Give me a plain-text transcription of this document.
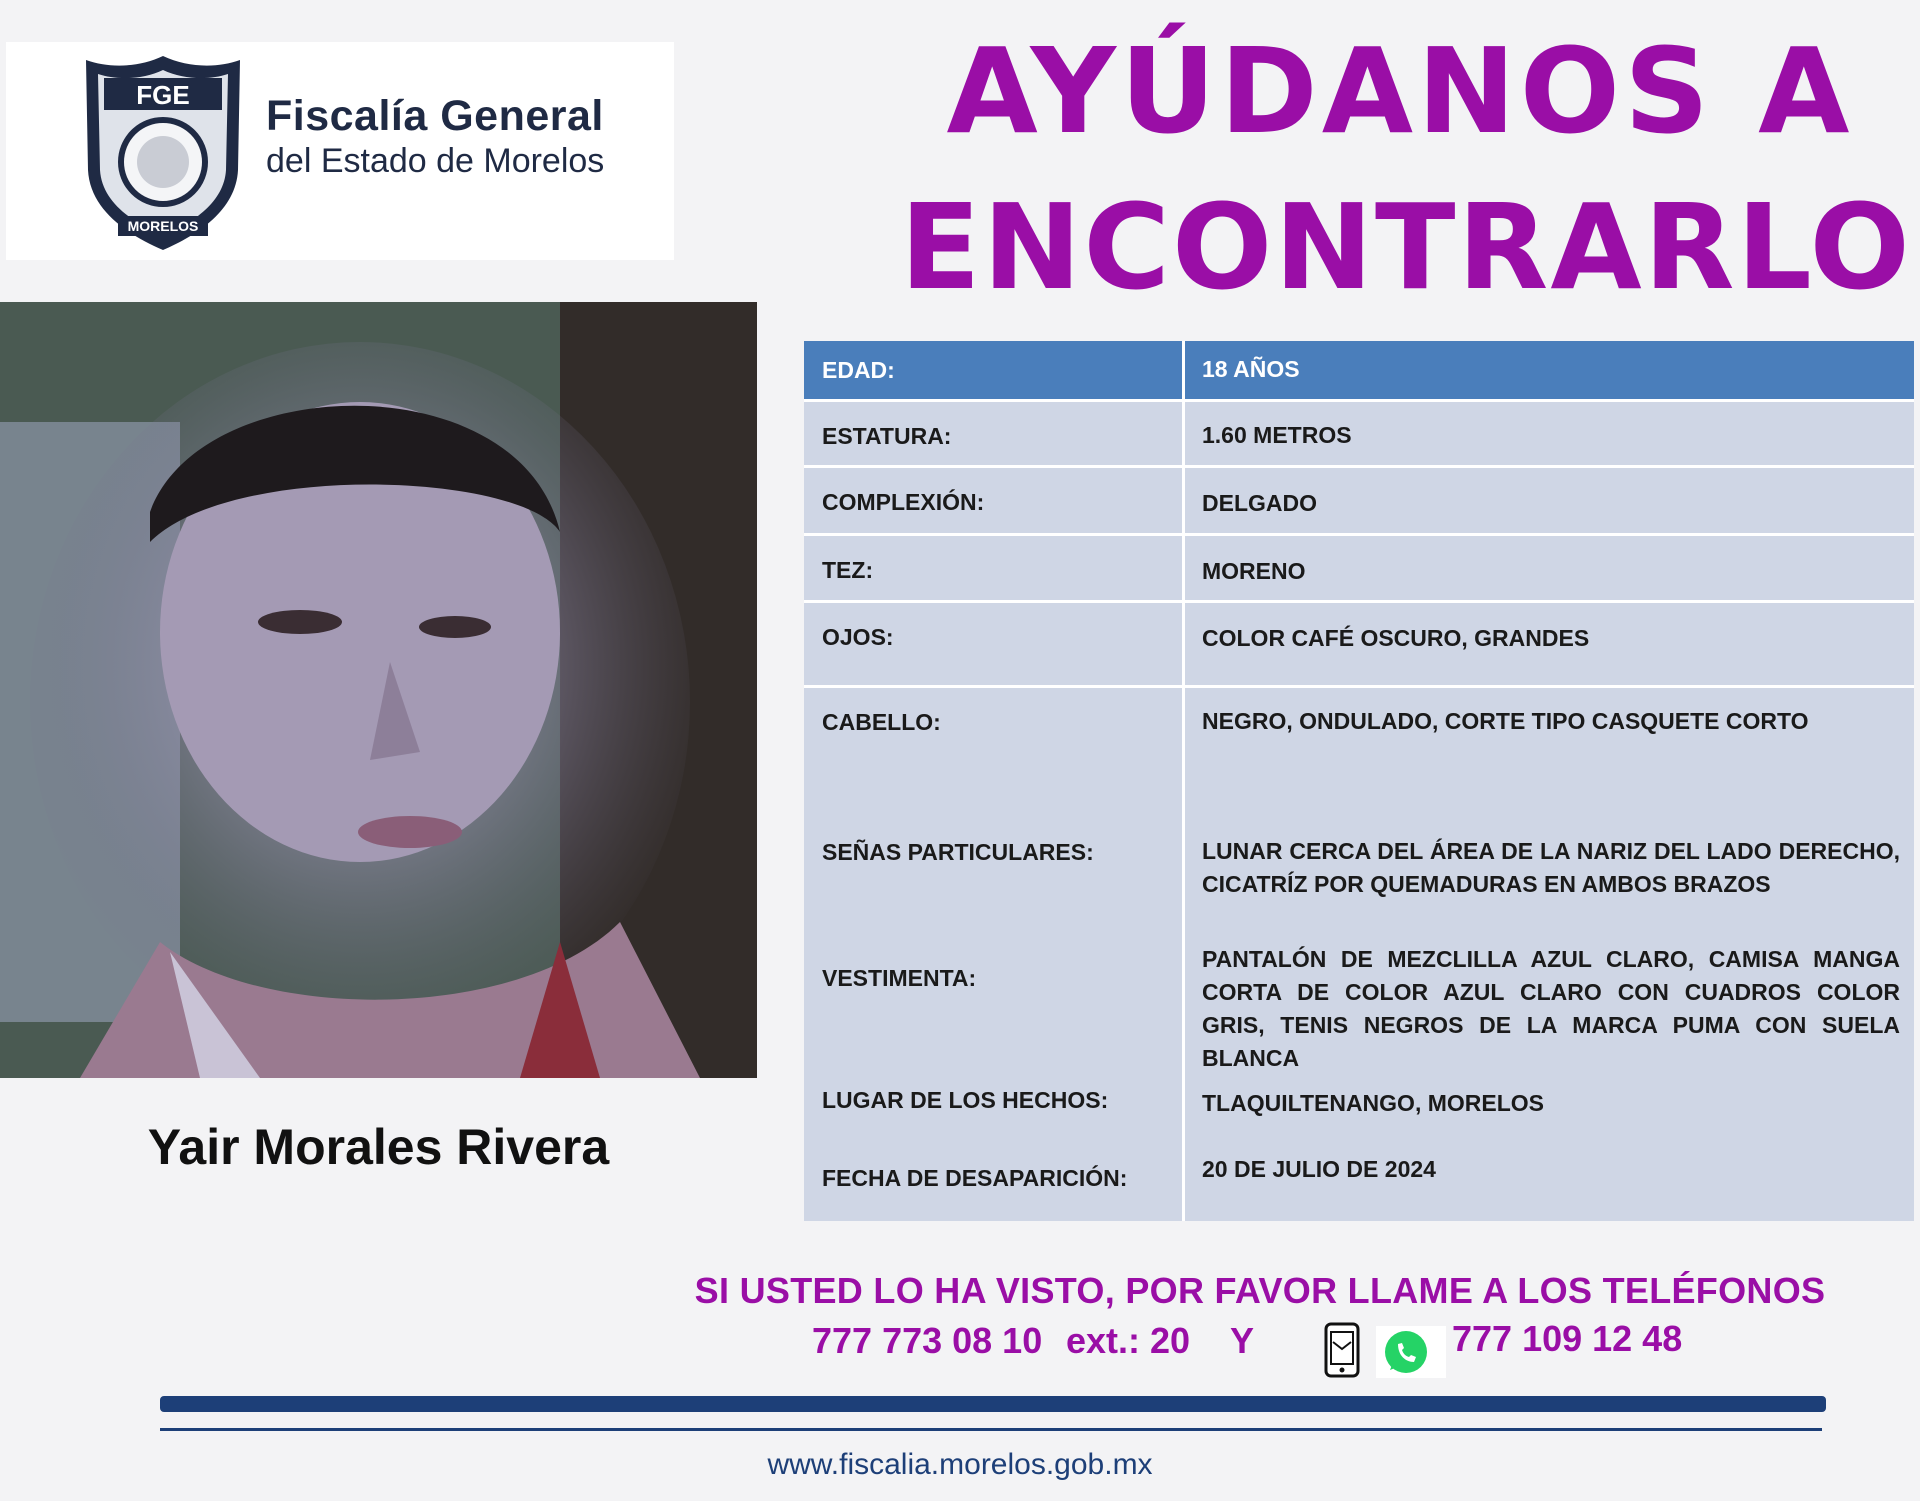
FGE
MORELOS
Fiscalía General
del Estado de Morelos
AYÚDANOS A
ENCONTRARLO
Yair Morales Rivera
EDAD:	18 AÑOS
ESTATURA:	1.60 METROS
COMPLEXIÓN:	DELGADO
TEZ:	MORENO
OJOS:	COLOR CAFÉ OSCURO, GRANDES
CABELLO:	NEGRO, ONDULADO, CORTE TIPO CASQUETE CORTO
SEÑAS PARTICULARES:	LUNAR CERCA DEL ÁREA DE LA NARIZ DEL LADO DERECHO, CICATRÍZ POR QUEMADURAS EN AMBOS BRAZOS
VESTIMENTA:
PANTALÓN DE MEZCLILLA AZUL CLARO, CAMISA MANGA CORTA DE COLOR AZUL CLARO CON CUADROS COLOR GRIS, TENIS NEGROS DE LA MARCA PUMA CON SUELA BLANCA
LUGAR DE LOS HECHOS:	TLAQUILTENANGO, MORELOS
FECHA DE DESAPARICIÓN:	20 DE JULIO DE 2024
SI USTED LO HA VISTO, POR FAVOR LLAME A LOS TELÉFONOS
777 773 08 10 ext.: 20 Y	777 109 12 48
www.fiscalia.morelos.gob.mx
